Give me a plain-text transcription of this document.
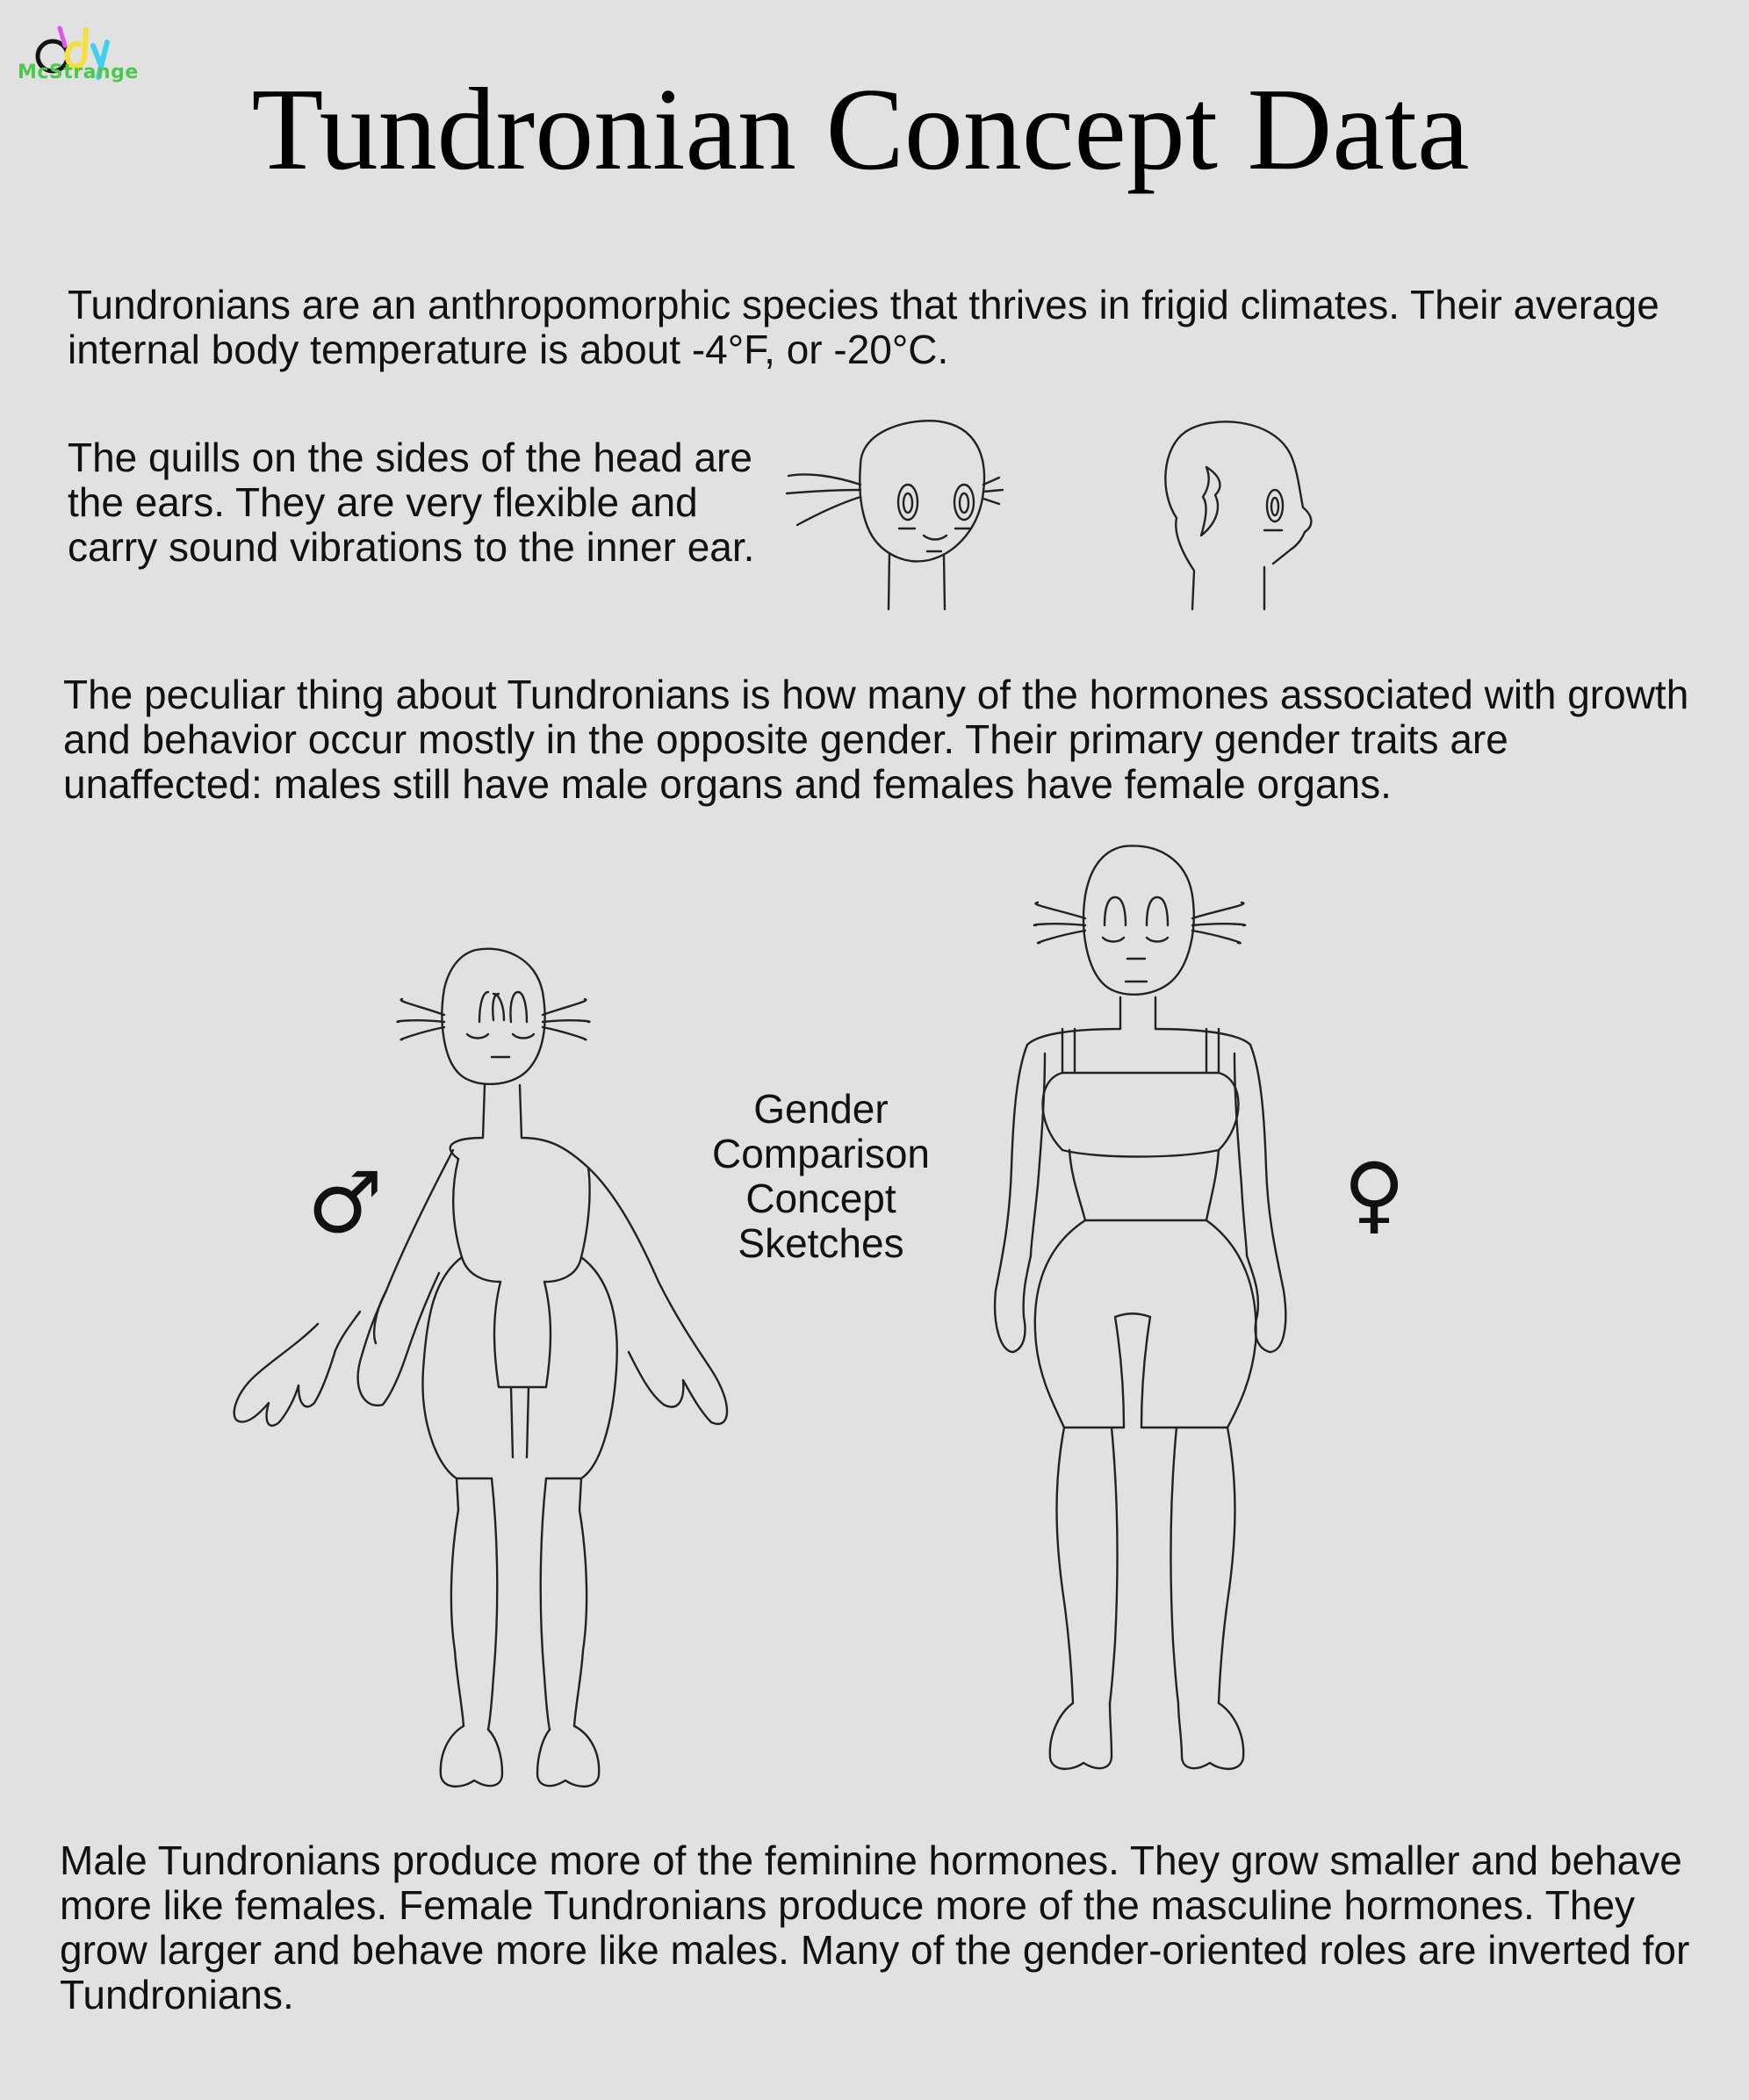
McStrange Tundronian Concept Data

Tundronians are an anthropomorphic species that thrives in frigid climates. Their average internal body temperature is about -4°F, or -20°C.

The quills on the sides of the head are the ears. They are very flexible and carry sound vibrations to the inner ear.

The peculiar thing about Tundronians is how many of the hormones associated with growth and behavior occur mostly in the opposite gender. Their primary gender traits are unaffected: males still have male organs and females have female organs.

Male Tundronians produce more of the feminine hormones. They grow smaller and behave more like females. Female Tundronians produce more of the masculine hormones. They grow larger and behave more like males. Many of the gender-oriented roles are inverted for Tundronians.

Gender
Comparison
Concept
Sketches
♂	♀
